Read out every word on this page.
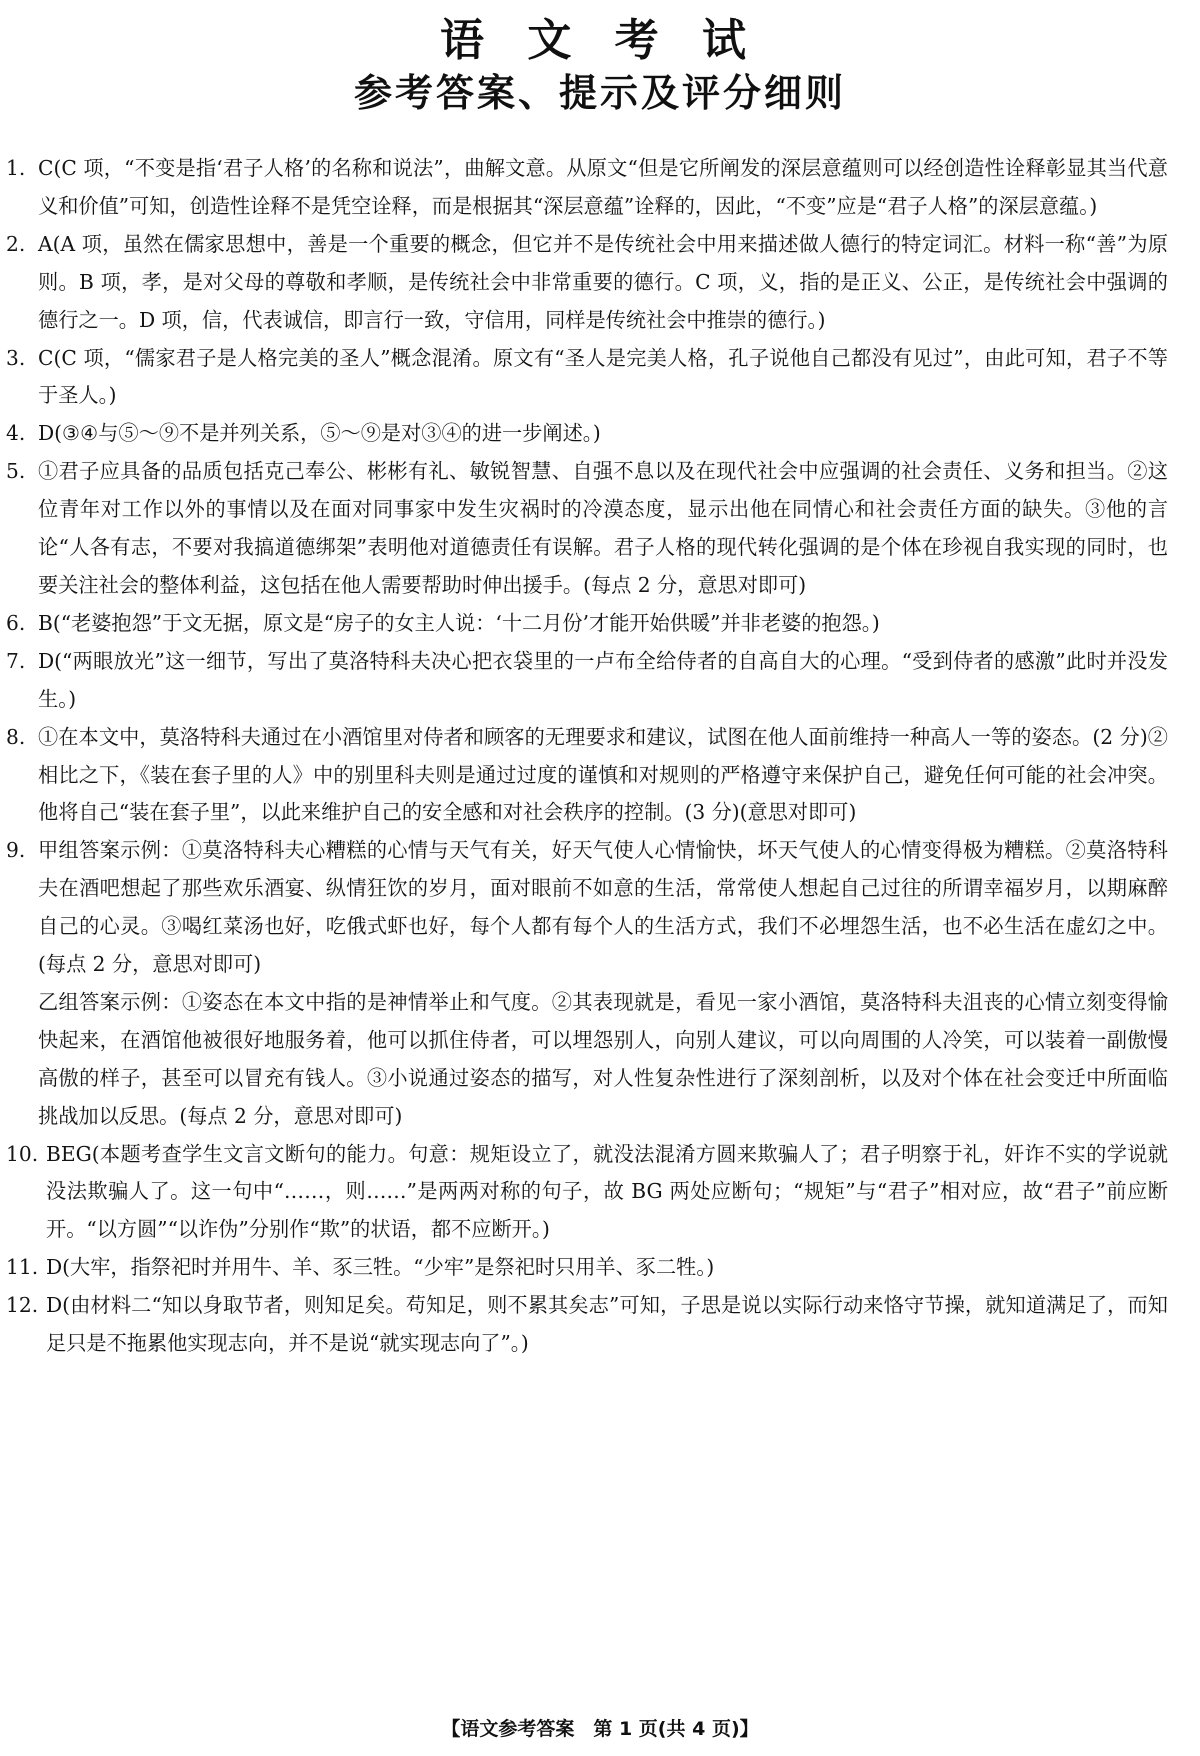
语 文 考 试
参考答案、提示及评分细则
1. C(C 项，“不变是指‘君子人格’的名称和说法”，曲解文意。从原文“但是它所阐发的深层意蕴则可以经创造性诠释彰显其当代意义和价值”可知，创造性诠释不是凭空诠释，而是根据其“深层意蕴”诠释的，因此，“不变”应是“君子人格”的深层意蕴。)
2. A(A 项，虽然在儒家思想中，善是一个重要的概念，但它并不是传统社会中用来描述做人德行的特定词汇。材料一称“善”为原则。B 项，孝，是对父母的尊敬和孝顺，是传统社会中非常重要的德行。C 项，义，指的是正义、公正，是传统社会中强调的德行之一。D 项，信，代表诚信，即言行一致，守信用，同样是传统社会中推崇的德行。)
3. C(C 项，“儒家君子是人格完美的圣人”概念混淆。原文有“圣人是完美人格，孔子说他自己都没有见过”，由此可知，君子不等于圣人。)
4. D(③④与⑤～⑨不是并列关系，⑤～⑨是对③④的进一步阐述。)
5. ①君子应具备的品质包括克己奉公、彬彬有礼、敏锐智慧、自强不息以及在现代社会中应强调的社会责任、义务和担当。②这位青年对工作以外的事情以及在面对同事家中发生灾祸时的冷漠态度，显示出他在同情心和社会责任方面的缺失。③他的言论“人各有志，不要对我搞道德绑架”表明他对道德责任有误解。君子人格的现代转化强调的是个体在珍视自我实现的同时，也要关注社会的整体利益，这包括在他人需要帮助时伸出援手。(每点 2 分，意思对即可)
6. B(“老婆抱怨”于文无据，原文是“房子的女主人说：‘十二月份’才能开始供暖”并非老婆的抱怨。)
7. D(“两眼放光”这一细节，写出了莫洛特科夫决心把衣袋里的一卢布全给侍者的自高自大的心理。“受到侍者的感激”此时并没发生。)
8. ①在本文中，莫洛特科夫通过在小酒馆里对侍者和顾客的无理要求和建议，试图在他人面前维持一种高人一等的姿态。(2 分)②相比之下，《装在套子里的人》中的别里科夫则是通过过度的谨慎和对规则的严格遵守来保护自己，避免任何可能的社会冲突。他将自己“装在套子里”，以此来维护自己的安全感和对社会秩序的控制。(3 分)(意思对即可)
9. 甲组答案示例：①莫洛特科夫心糟糕的心情与天气有关，好天气使人心情愉快，坏天气使人的心情变得极为糟糕。②莫洛特科夫在酒吧想起了那些欢乐酒宴、纵情狂饮的岁月，面对眼前不如意的生活，常常使人想起自己过往的所谓幸福岁月，以期麻醉自己的心灵。③喝红菜汤也好，吃俄式虾也好，每个人都有每个人的生活方式，我们不必埋怨生活，也不必生活在虚幻之中。(每点 2 分，意思对即可)
乙组答案示例：①姿态在本文中指的是神情举止和气度。②其表现就是，看见一家小酒馆，莫洛特科夫沮丧的心情立刻变得愉快起来，在酒馆他被很好地服务着，他可以抓住侍者，可以埋怨别人，向别人建议，可以向周围的人冷笑，可以装着一副傲慢高傲的样子，甚至可以冒充有钱人。③小说通过姿态的描写，对人性复杂性进行了深刻剖析，以及对个体在社会变迁中所面临挑战加以反思。(每点 2 分，意思对即可)
10. BEG(本题考查学生文言文断句的能力。句意：规矩设立了，就没法混淆方圆来欺骗人了；君子明察于礼，奸诈不实的学说就没法欺骗人了。这一句中“……，则……”是两两对称的句子，故 BG 两处应断句；“规矩”与“君子”相对应，故“君子”前应断开。“以方圆”“以诈伪”分别作“欺”的状语，都不应断开。)
11. D(大牢，指祭祀时并用牛、羊、豕三牲。“少牢”是祭祀时只用羊、豕二牲。)
12. D(由材料二“知以身取节者，则知足矣。苟知足，则不累其矣志”可知，子思是说以实际行动来恪守节操，就知道满足了，而知足只是不拖累他实现志向，并不是说“就实现志向了”。)
【语文参考答案　第 1 页(共 4 页)】
